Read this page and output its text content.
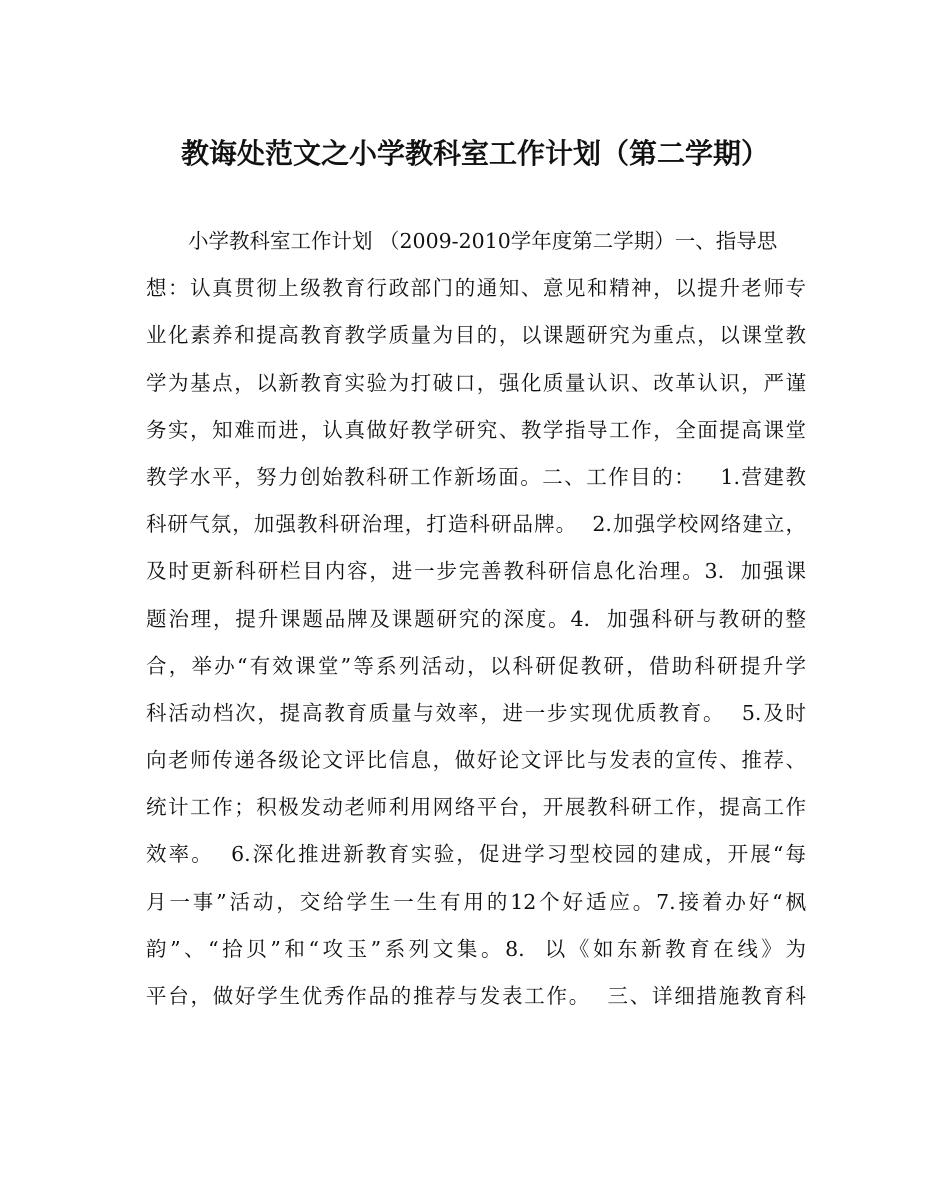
教诲处范文之小学教科室工作计划（第二学期）
小学教科室工作计划 （2009-2010学年度第二学期）一、指导思
想：认真贯彻上级教育行政部门的通知、意见和精神，以提升老师专
业化素养和提高教育教学质量为目的，以课题研究为重点，以课堂教
学为基点，以新教育实验为打破口，强化质量认识、改革认识，严谨
务实，知难而进，认真做好教学研究、教学指导工作，全面提高课堂
教学水平，努力创始教科研工作新场面。二、工作目的：   1.营建教
科研气氛，加强教科研治理，打造科研品牌。  2.加强学校网络建立，
及时更新科研栏目内容，进一步完善教科研信息化治理。3.  加强课
题治理，提升课题品牌及课题研究的深度。4.  加强科研与教研的整
合，举办“有效课堂”等系列活动，以科研促教研，借助科研提升学
科活动档次，提高教育质量与效率，进一步实现优质教育。  5.及时
向老师传递各级论文评比信息，做好论文评比与发表的宣传、推荐、
统计工作；积极发动老师利用网络平台，开展教科研工作，提高工作
效率。  6.深化推进新教育实验，促进学习型校园的建成，开展“每
月一事”活动，交给学生一生有用的12个好适应。7.接着办好“枫
韵”、“拾贝”和“攻玉”系列文集。8.  以《如东新教育在线》为
平台，做好学生优秀作品的推荐与发表工作。  三、详细措施教育科
